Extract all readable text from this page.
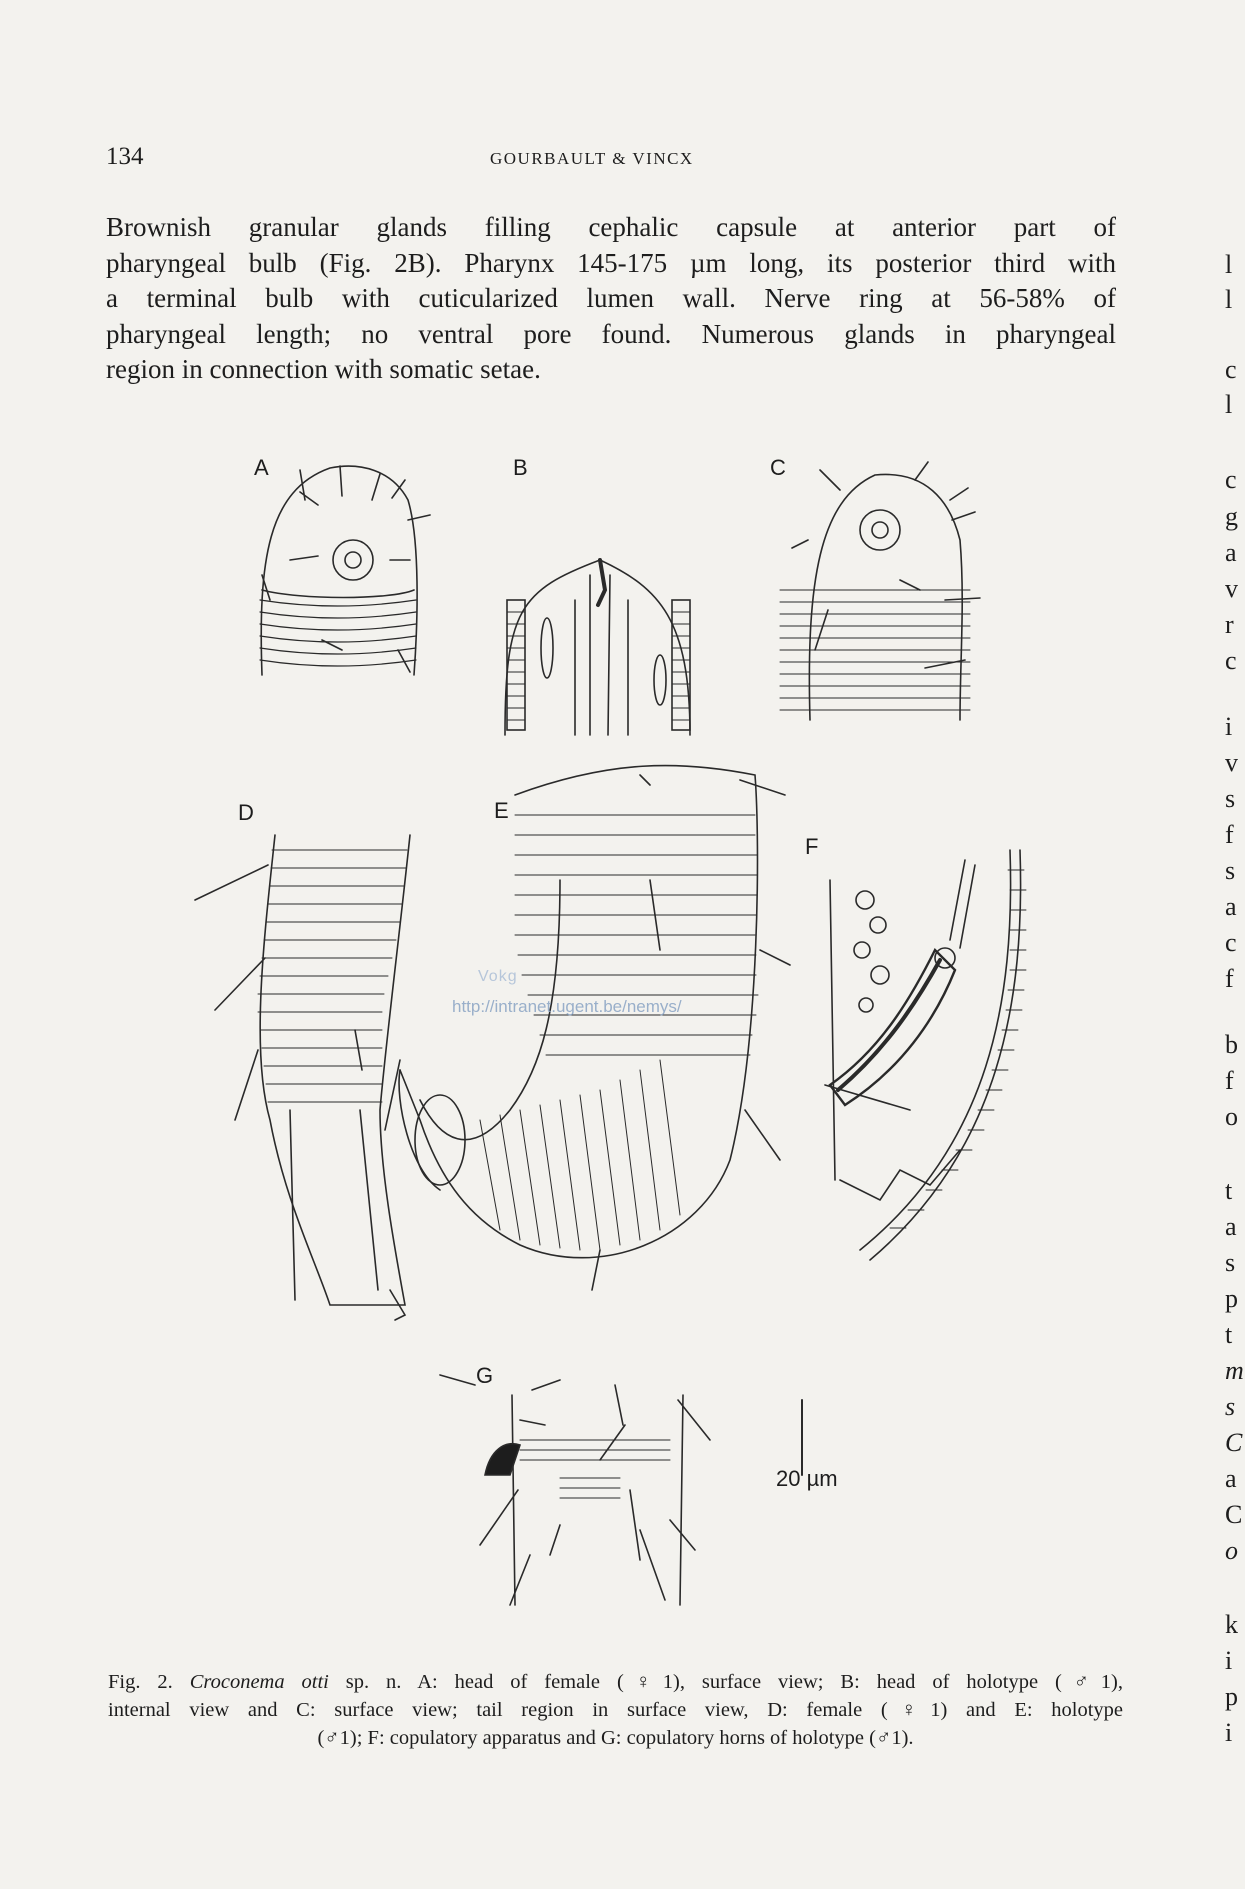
134	GOURBAULT & VINCX
Brownish granular glands filling cephalic capsule at anterior part of
pharyngeal bulb (Fig. 2B). Pharynx 145-175 µm long, its posterior third with
a terminal bulb with cuticularized lumen wall. Nerve ring at 56-58% of
pharyngeal length; no ventral pore found. Numerous glands in pharyngeal
region in connection with somatic setae.
A	B	C
D	E
F
G
20 µm
Vokg
http://intranet.ugent.be/nemys/
Fig. 2. Croconema otti sp. n. A: head of female (♀1), surface view; B: head of holotype (♂1),
internal view and C: surface view; tail region in surface view, D: female (♀1) and E: holotype
(♂1); F: copulatory apparatus and G: copulatory horns of holotype (♂1).
l
l
c
l
c
g
a
v
r
c
i
v
s
f
s
a
c
f
b
f
o
t
a
s
p
t
m
s
C
a
C
o
k
i
p
i
